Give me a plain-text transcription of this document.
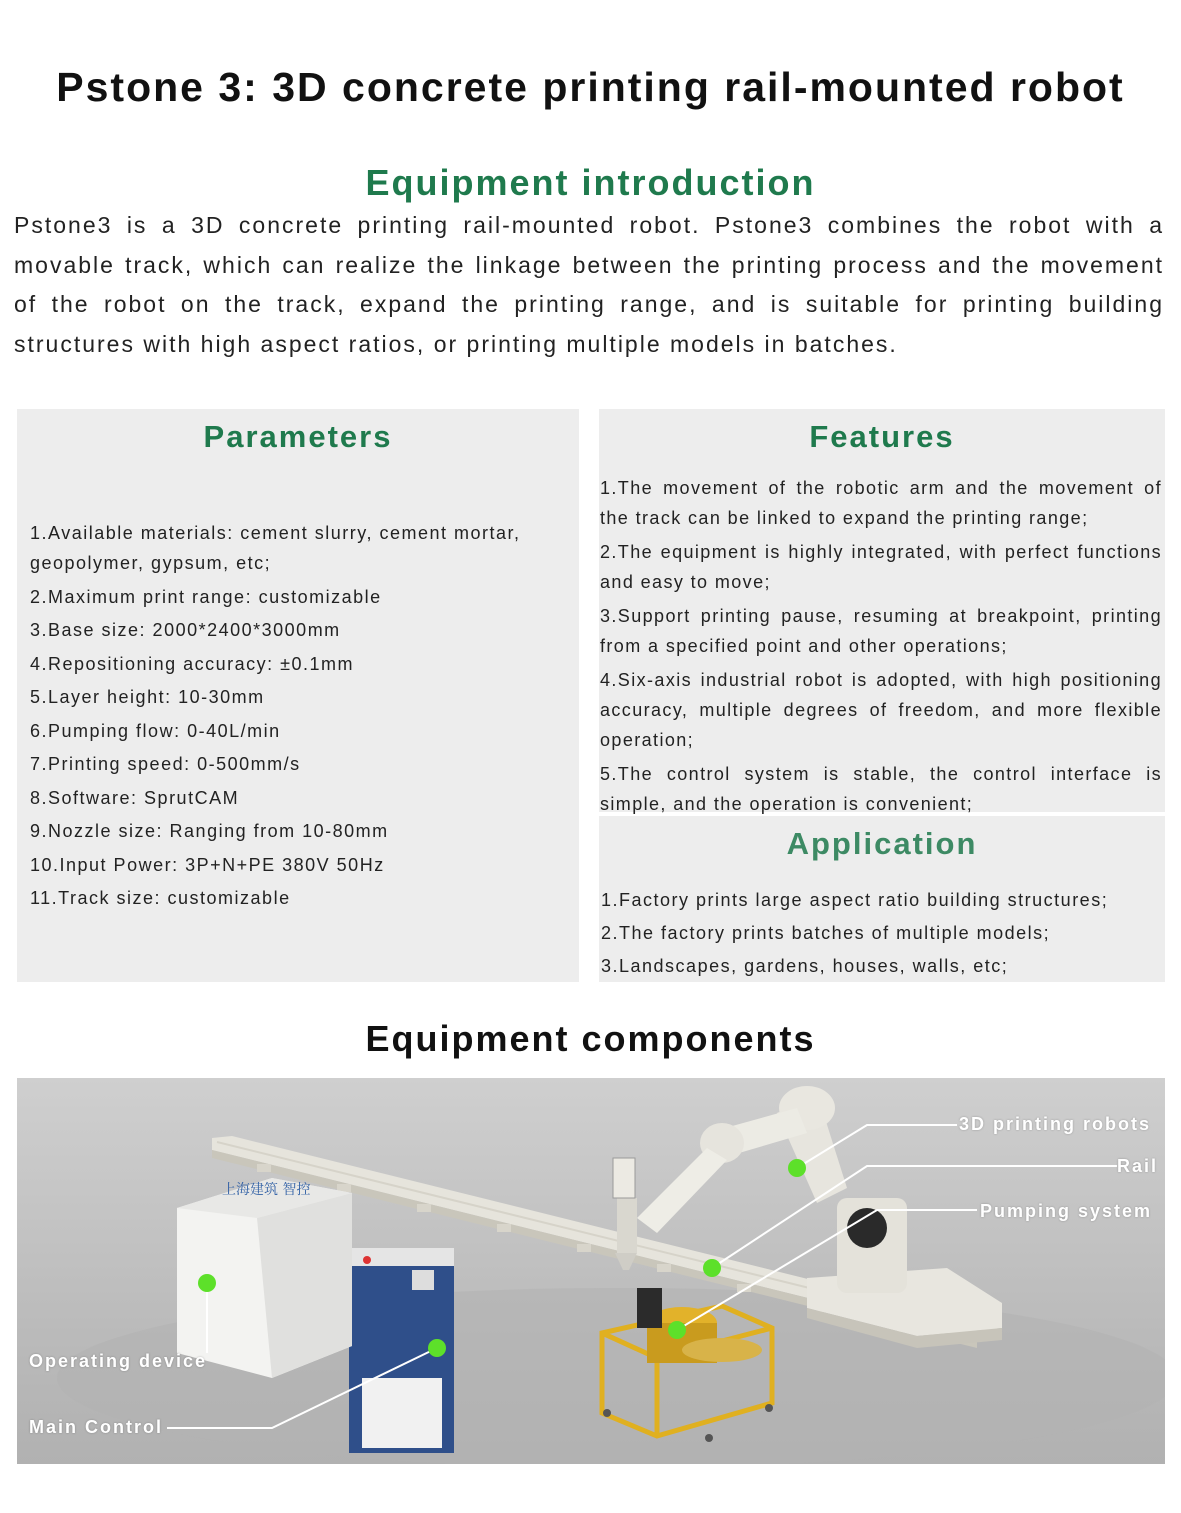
Pstone 3: 3D concrete printing rail-mounted robot
Equipment introduction

Pstone3 is a 3D concrete printing rail-mounted robot. Pstone3 combines the robot with a movable track, which can realize the linkage between the printing process and the movement of the robot on the track, expand the printing range, and is suitable for printing building structures with high aspect ratios, or printing multiple models in batches.

Parameters
1.Available materials: cement slurry, cement mortar, geopolymer, gypsum, etc;
2.Maximum print range: customizable
3.Base size: 2000*2400*3000mm
4.Repositioning accuracy: ±0.1mm
5.Layer height: 10-30mm
6.Pumping flow: 0-40L/min
7.Printing speed: 0-500mm/s
8.Software: SprutCAM
9.Nozzle size: Ranging from 10-80mm
10.Input Power: 3P+N+PE 380V 50Hz
11.Track size: customizable
Features
1.The movement of the robotic arm and the movement of the track can be linked to expand the printing range;
2.The equipment is highly integrated, with perfect functions and easy to move;
3.Support printing pause, resuming at breakpoint, printing from a specified point and other operations;
4.Six-axis industrial robot is adopted, with high positioning accuracy, multiple degrees of freedom, and more flexible operation;
5.The control system is stable, the control interface is simple, and the operation is convenient;
Application
1.Factory prints large aspect ratio building structures;
2.The factory prints batches of multiple models;
3.Landscapes, gardens, houses, walls, etc;
Equipment components
上海建筑 智控
3D printing robots
Rail
Pumping system
Operating device
Main Control
